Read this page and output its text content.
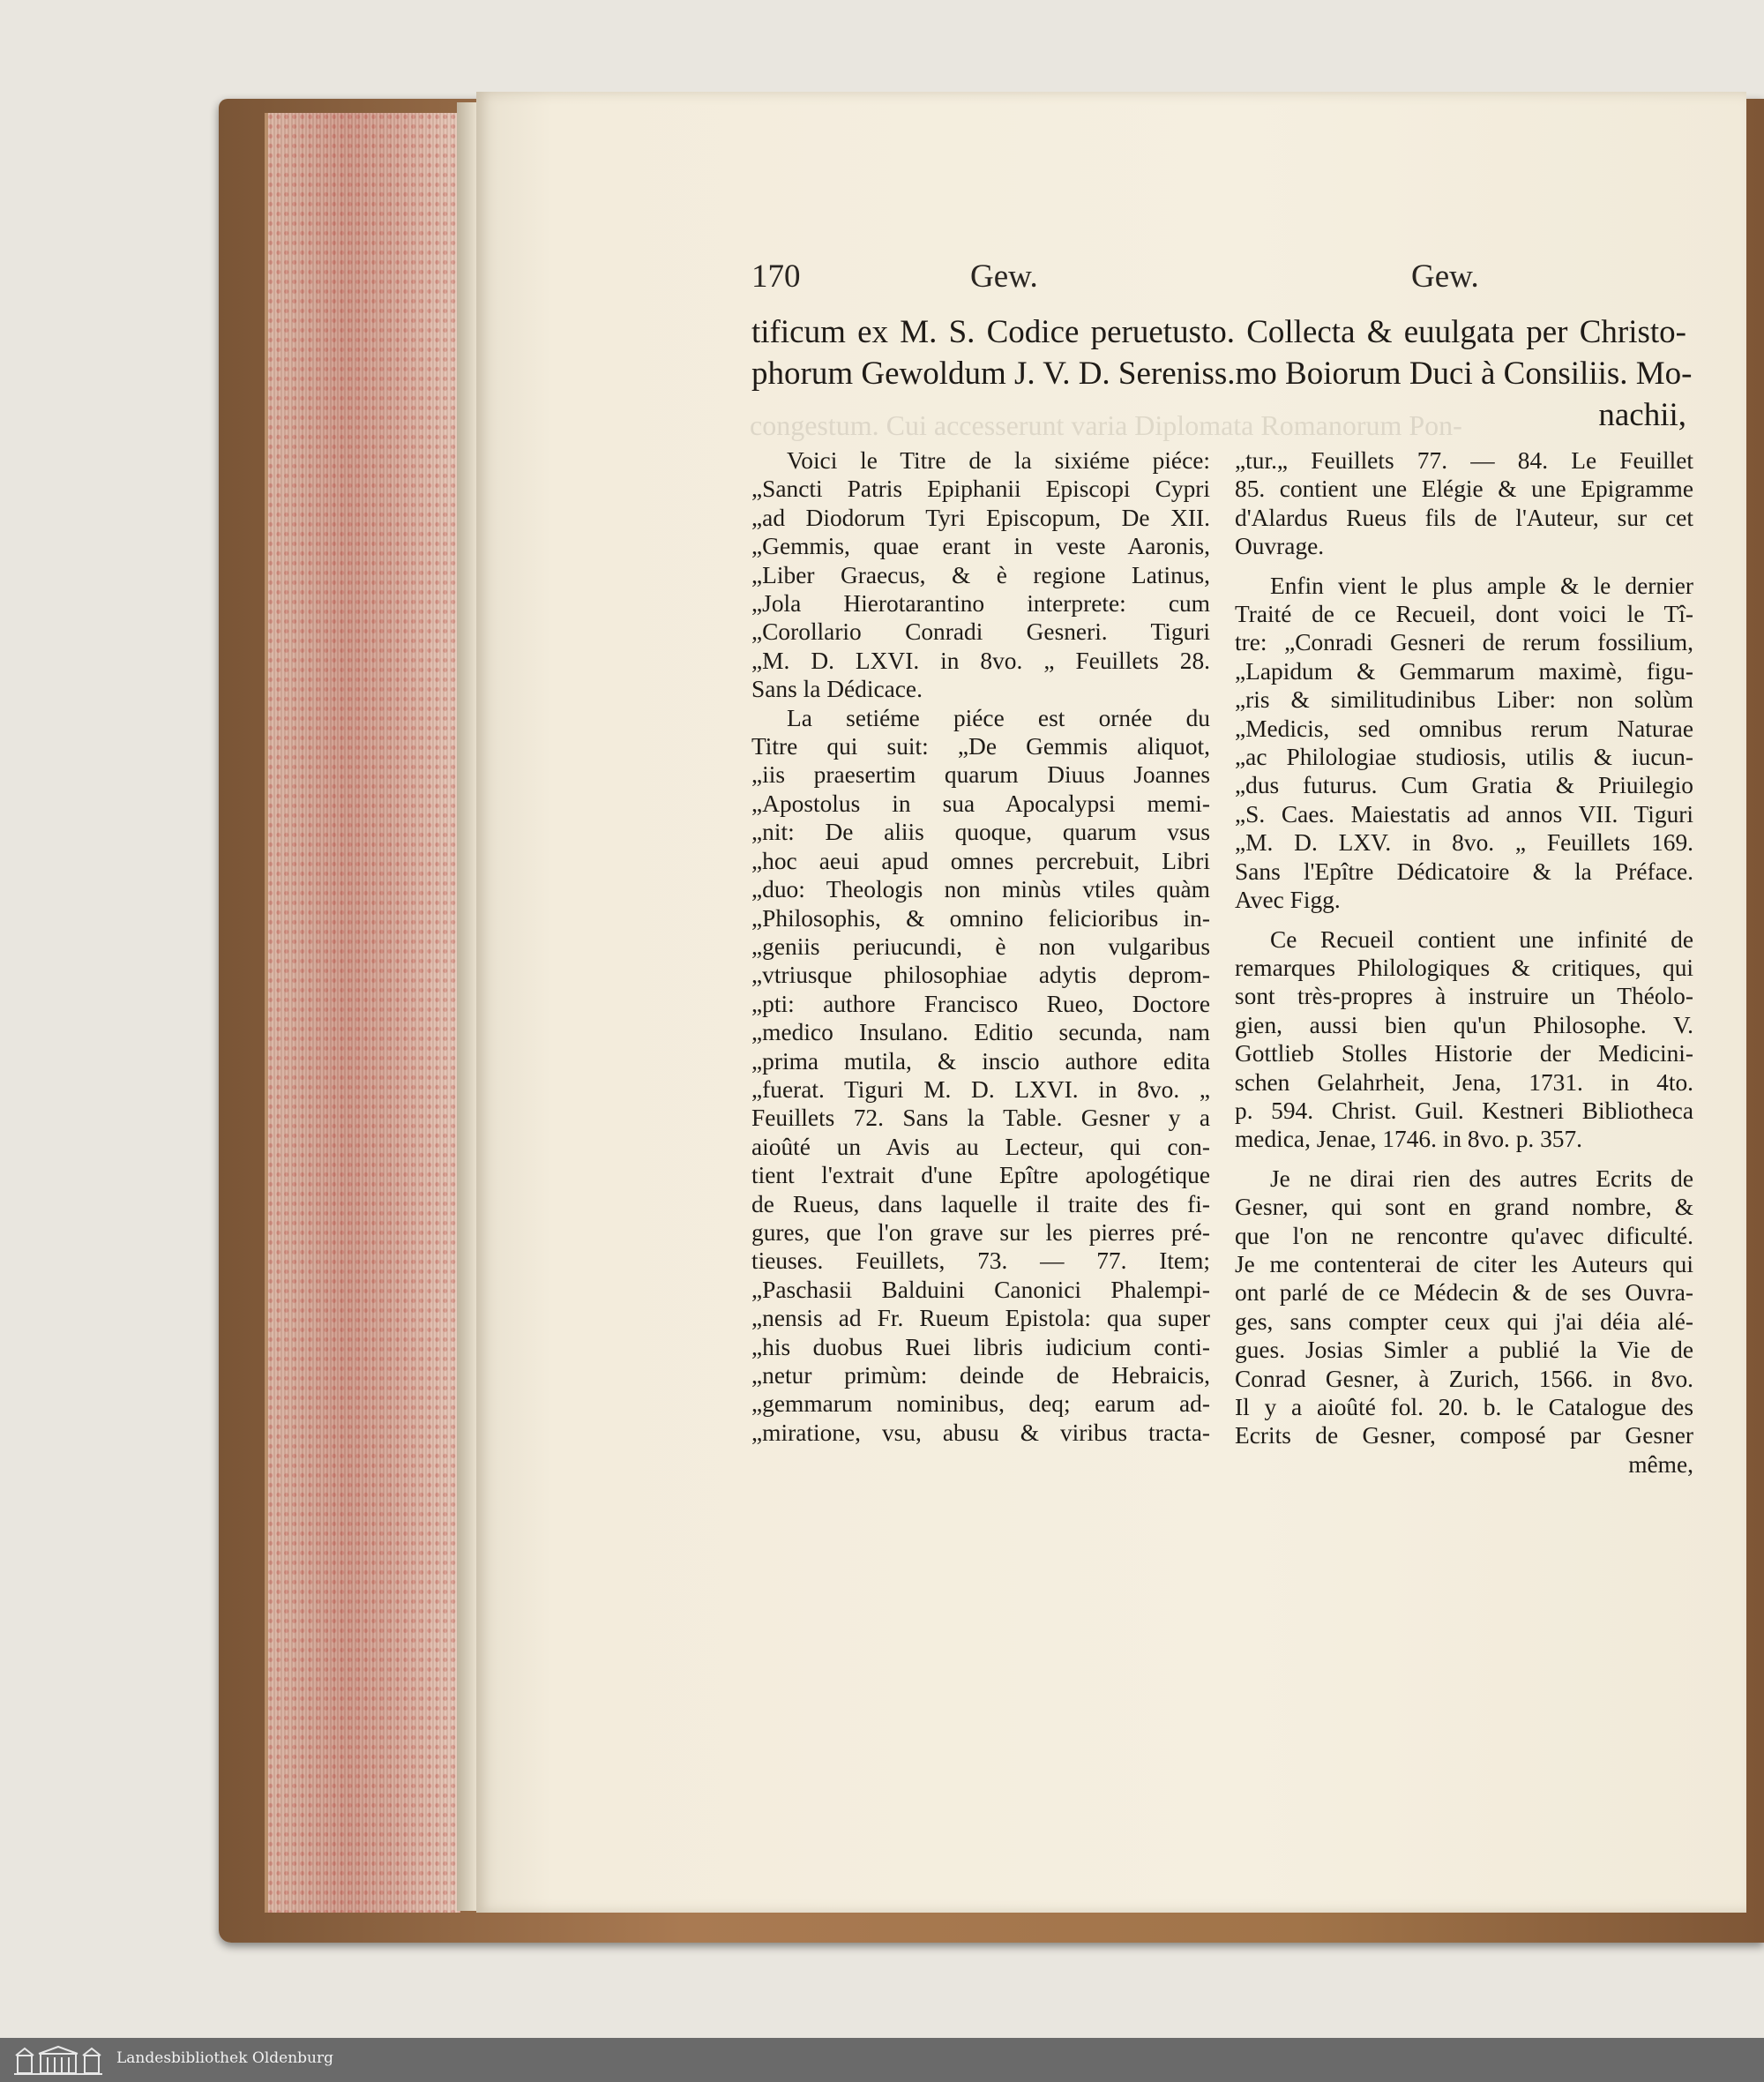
170	Gew.	Gew.
tificum ex M. S. Codice peruetusto. Collecta & euulgata per Christo-
phorum Gewoldum J. V. D. Sereniss.mo Boiorum Duci à Consiliis. Mo-
nachii,
congestum. Cui accesserunt varia Diplomata Romanorum Pon-
Voici le Titre de la sixiéme piéce:
„Sancti Patris Epiphanii Episcopi Cypri
„ad Diodorum Tyri Episcopum, De XII.
„Gemmis, quae erant in veste Aaronis,
„Liber Graecus, & è regione Latinus,
„Jola Hierotarantino interprete: cum
„Corollario Conradi Gesneri. Tiguri
„M. D. LXVI. in 8vo. „ Feuillets 28.
Sans la Dédicace.
La setiéme piéce est ornée du
Titre qui suit: „De Gemmis aliquot,
„iis praesertim quarum Diuus Joannes
„Apostolus in sua Apocalypsi memi-
„nit: De aliis quoque, quarum vsus
„hoc aeui apud omnes percrebuit, Libri
„duo: Theologis non minùs vtiles quàm
„Philosophis, & omnino felicioribus in-
„geniis periucundi, è non vulgaribus
„vtriusque philosophiae adytis deprom-
„pti: authore Francisco Rueo, Doctore
„medico Insulano. Editio secunda, nam
„prima mutila, & inscio authore edita
„fuerat. Tiguri M. D. LXVI. in 8vo. „
Feuillets 72. Sans la Table. Gesner y a
aioûté un Avis au Lecteur, qui con-
tient l'extrait d'une Epître apologétique
de Rueus, dans laquelle il traite des fi-
gures, que l'on grave sur les pierres pré-
tieuses. Feuillets, 73. — 77. Item;
„Paschasii Balduini Canonici Phalempi-
„nensis ad Fr. Rueum Epistola: qua super
„his duobus Ruei libris iudicium conti-
„netur primùm: deinde de Hebraicis,
„gemmarum nominibus, deq; earum ad-
„miratione, vsu, abusu & viribus tracta-
„tur.„ Feuillets 77. — 84. Le Feuillet
85. contient une Elégie & une Epigramme
d'Alardus Rueus fils de l'Auteur, sur cet
Ouvrage.
Enfin vient le plus ample & le dernier
Traité de ce Recueil, dont voici le Tî-
tre: „Conradi Gesneri de rerum fossilium,
„Lapidum & Gemmarum maximè, figu-
„ris & similitudinibus Liber: non solùm
„Medicis, sed omnibus rerum Naturae
„ac Philologiae studiosis, utilis & iucun-
„dus futurus. Cum Gratia & Priuilegio
„S. Caes. Maiestatis ad annos VII. Tiguri
„M. D. LXV. in 8vo. „ Feuillets 169.
Sans l'Epître Dédicatoire & la Préface.
Avec Figg.
Ce Recueil contient une infinité de
remarques Philologiques & critiques, qui
sont très-propres à instruire un Théolo-
gien, aussi bien qu'un Philosophe. V.
Gottlieb Stolles Historie der Medicini-
schen Gelahrheit, Jena, 1731. in 4to.
p. 594. Christ. Guil. Kestneri Bibliotheca
medica, Jenae, 1746. in 8vo. p. 357.
Je ne dirai rien des autres Ecrits de
Gesner, qui sont en grand nombre, &
que l'on ne rencontre qu'avec dificulté.
Je me contenterai de citer les Auteurs qui
ont parlé de ce Médecin & de ses Ouvra-
ges, sans compter ceux qui j'ai déia alé-
gues. Josias Simler a publié la Vie de
Conrad Gesner, à Zurich, 1566. in 8vo.
Il y a aioûté fol. 20. b. le Catalogue des
Ecrits de Gesner, composé par Gesner
même,
Landesbibliothek Oldenburg
